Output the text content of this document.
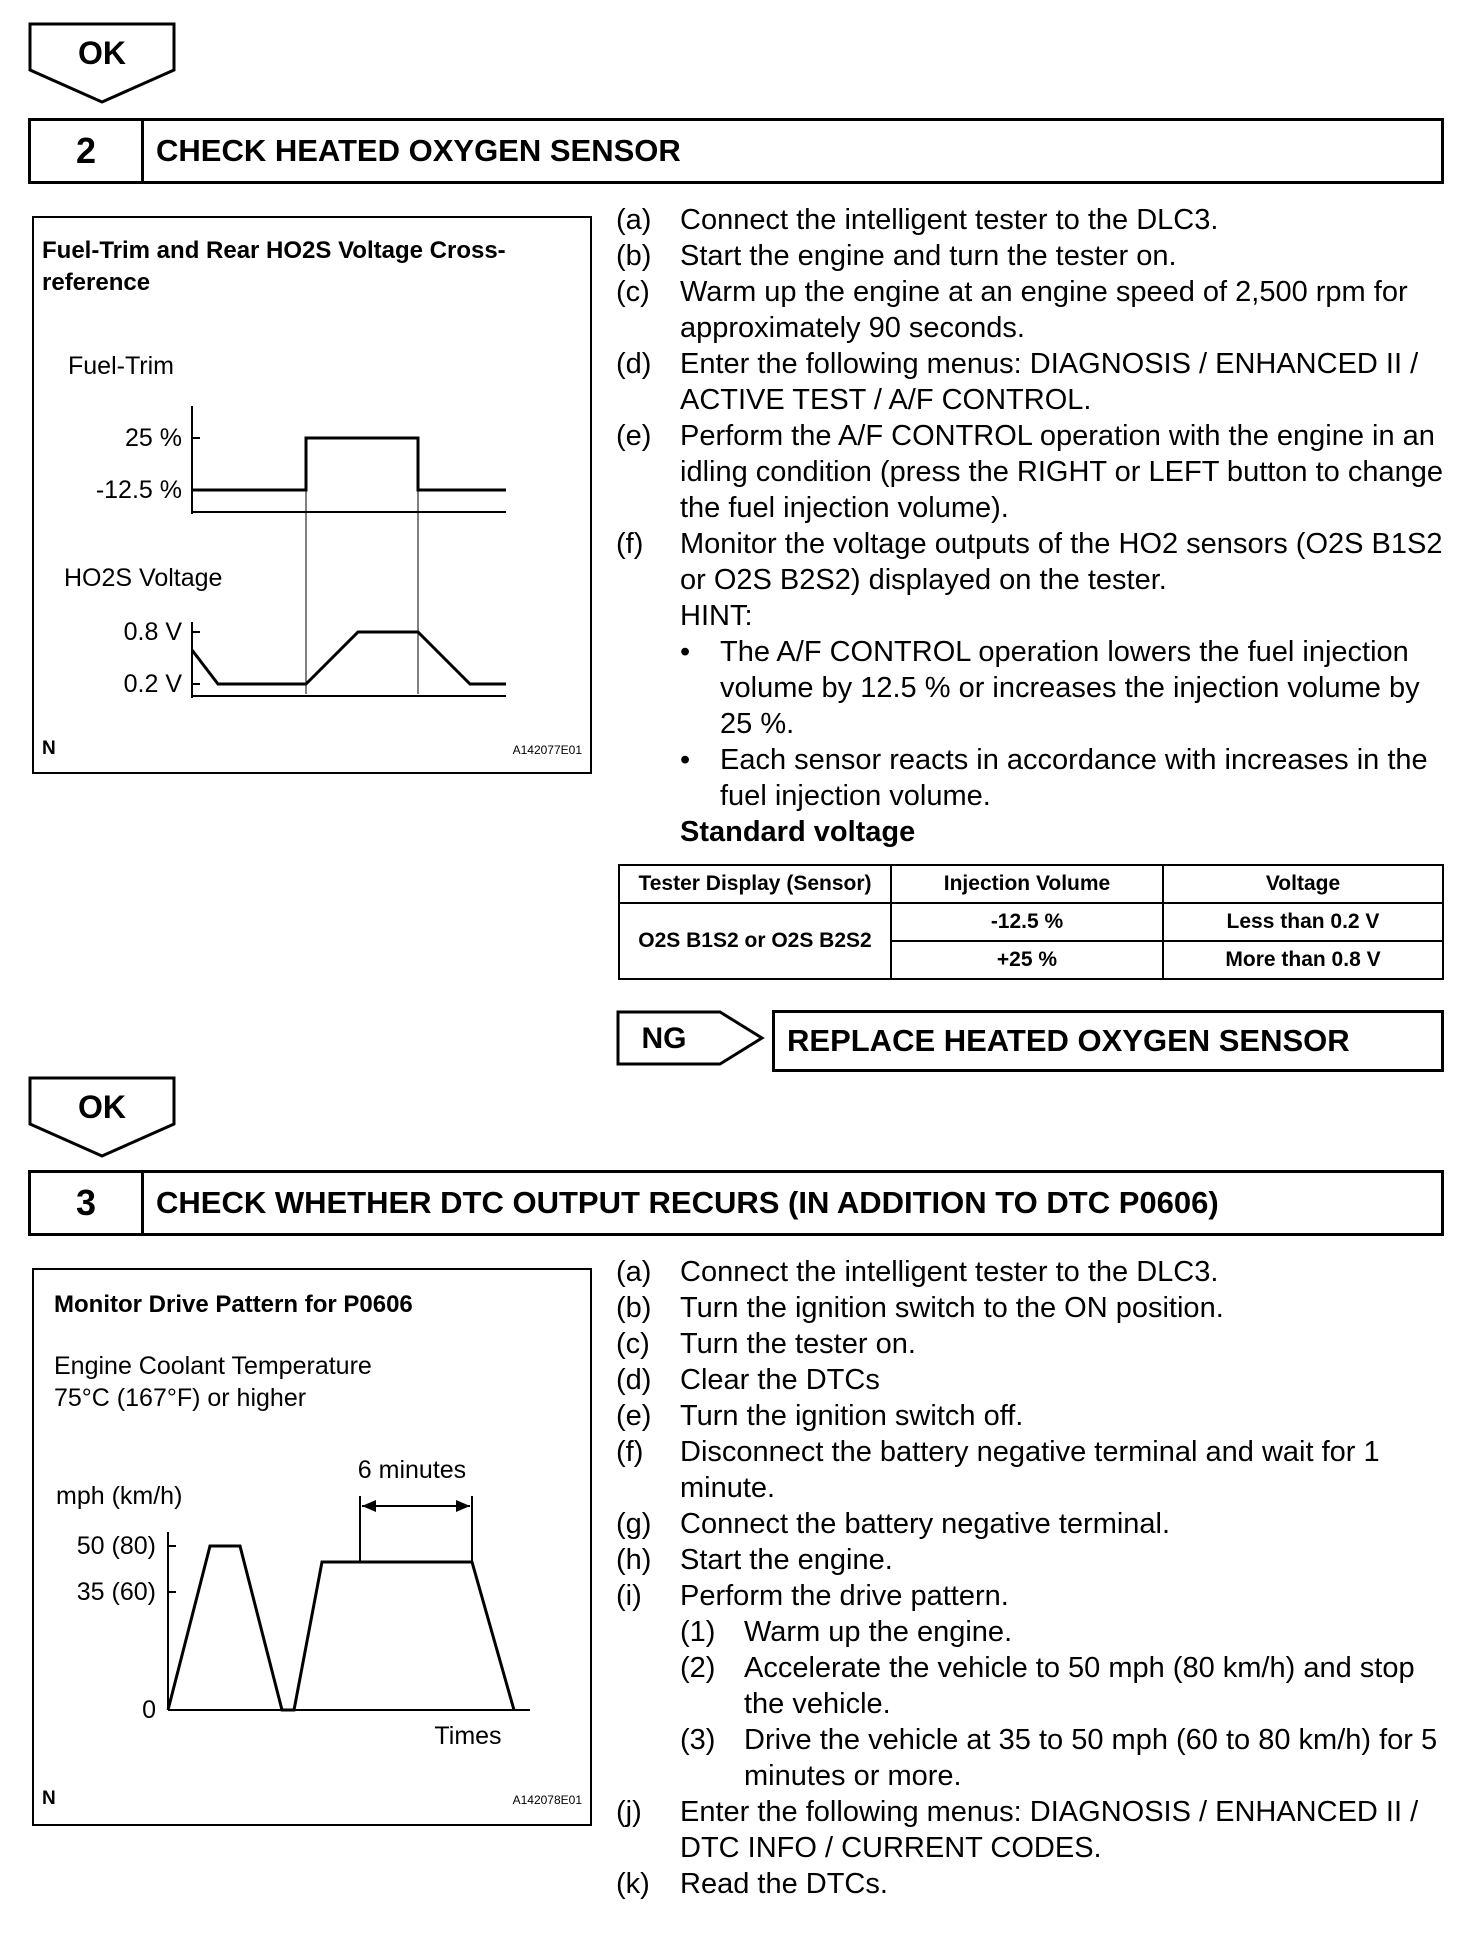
OK
2	CHECK HEATED OXYGEN SENSOR
Fuel-Trim and Rear HO2S Voltage Cross-
reference
Fuel-Trim
25 %
-12.5 %
HO2S Voltage
0.8 V
0.2 V
N	A142077E01
(a) Connect the intelligent tester to the DLC3.
(b) Start the engine and turn the tester on.
(c) Warm up the engine at an engine speed of 2,500 rpm for approximately 90 seconds.
(d) Enter the following menus: DIAGNOSIS / ENHANCED II / ACTIVE TEST / A/F CONTROL.
(e) Perform the A/F CONTROL operation with the engine in an idling condition (press the RIGHT or LEFT button to change the fuel injection volume).
(f) Monitor the voltage outputs of the HO2 sensors (O2S B1S2 or O2S B2S2) displayed on the tester.
HINT:
• The A/F CONTROL operation lowers the fuel injection volume by 12.5 % or increases the injection volume by 25 %.
• Each sensor reacts in accordance with increases in the fuel injection volume.
Standard voltage
Tester Display (Sensor)	Injection Volume	Voltage
O2S B1S2 or O2S B2S2	-12.5 %	Less than 0.2 V
	+25 %	More than 0.8 V
NG	REPLACE HEATED OXYGEN SENSOR
OK
3	CHECK WHETHER DTC OUTPUT RECURS (IN ADDITION TO DTC P0606)
Monitor Drive Pattern for P0606
Engine Coolant Temperature
75°C (167°F) or higher
6 minutes
mph (km/h)
50 (80)
35 (60)
0
Times
N	A142078E01
(a) Connect the intelligent tester to the DLC3.
(b) Turn the ignition switch to the ON position.
(c) Turn the tester on.
(d) Clear the DTCs
(e) Turn the ignition switch off.
(f) Disconnect the battery negative terminal and wait for 1 minute.
(g) Connect the battery negative terminal.
(h) Start the engine.
(i) Perform the drive pattern.
(1) Warm up the engine.
(2) Accelerate the vehicle to 50 mph (80 km/h) and stop the vehicle.
(3) Drive the vehicle at 35 to 50 mph (60 to 80 km/h) for 5 minutes or more.
(j) Enter the following menus: DIAGNOSIS / ENHANCED II / DTC INFO / CURRENT CODES.
(k) Read the DTCs.
